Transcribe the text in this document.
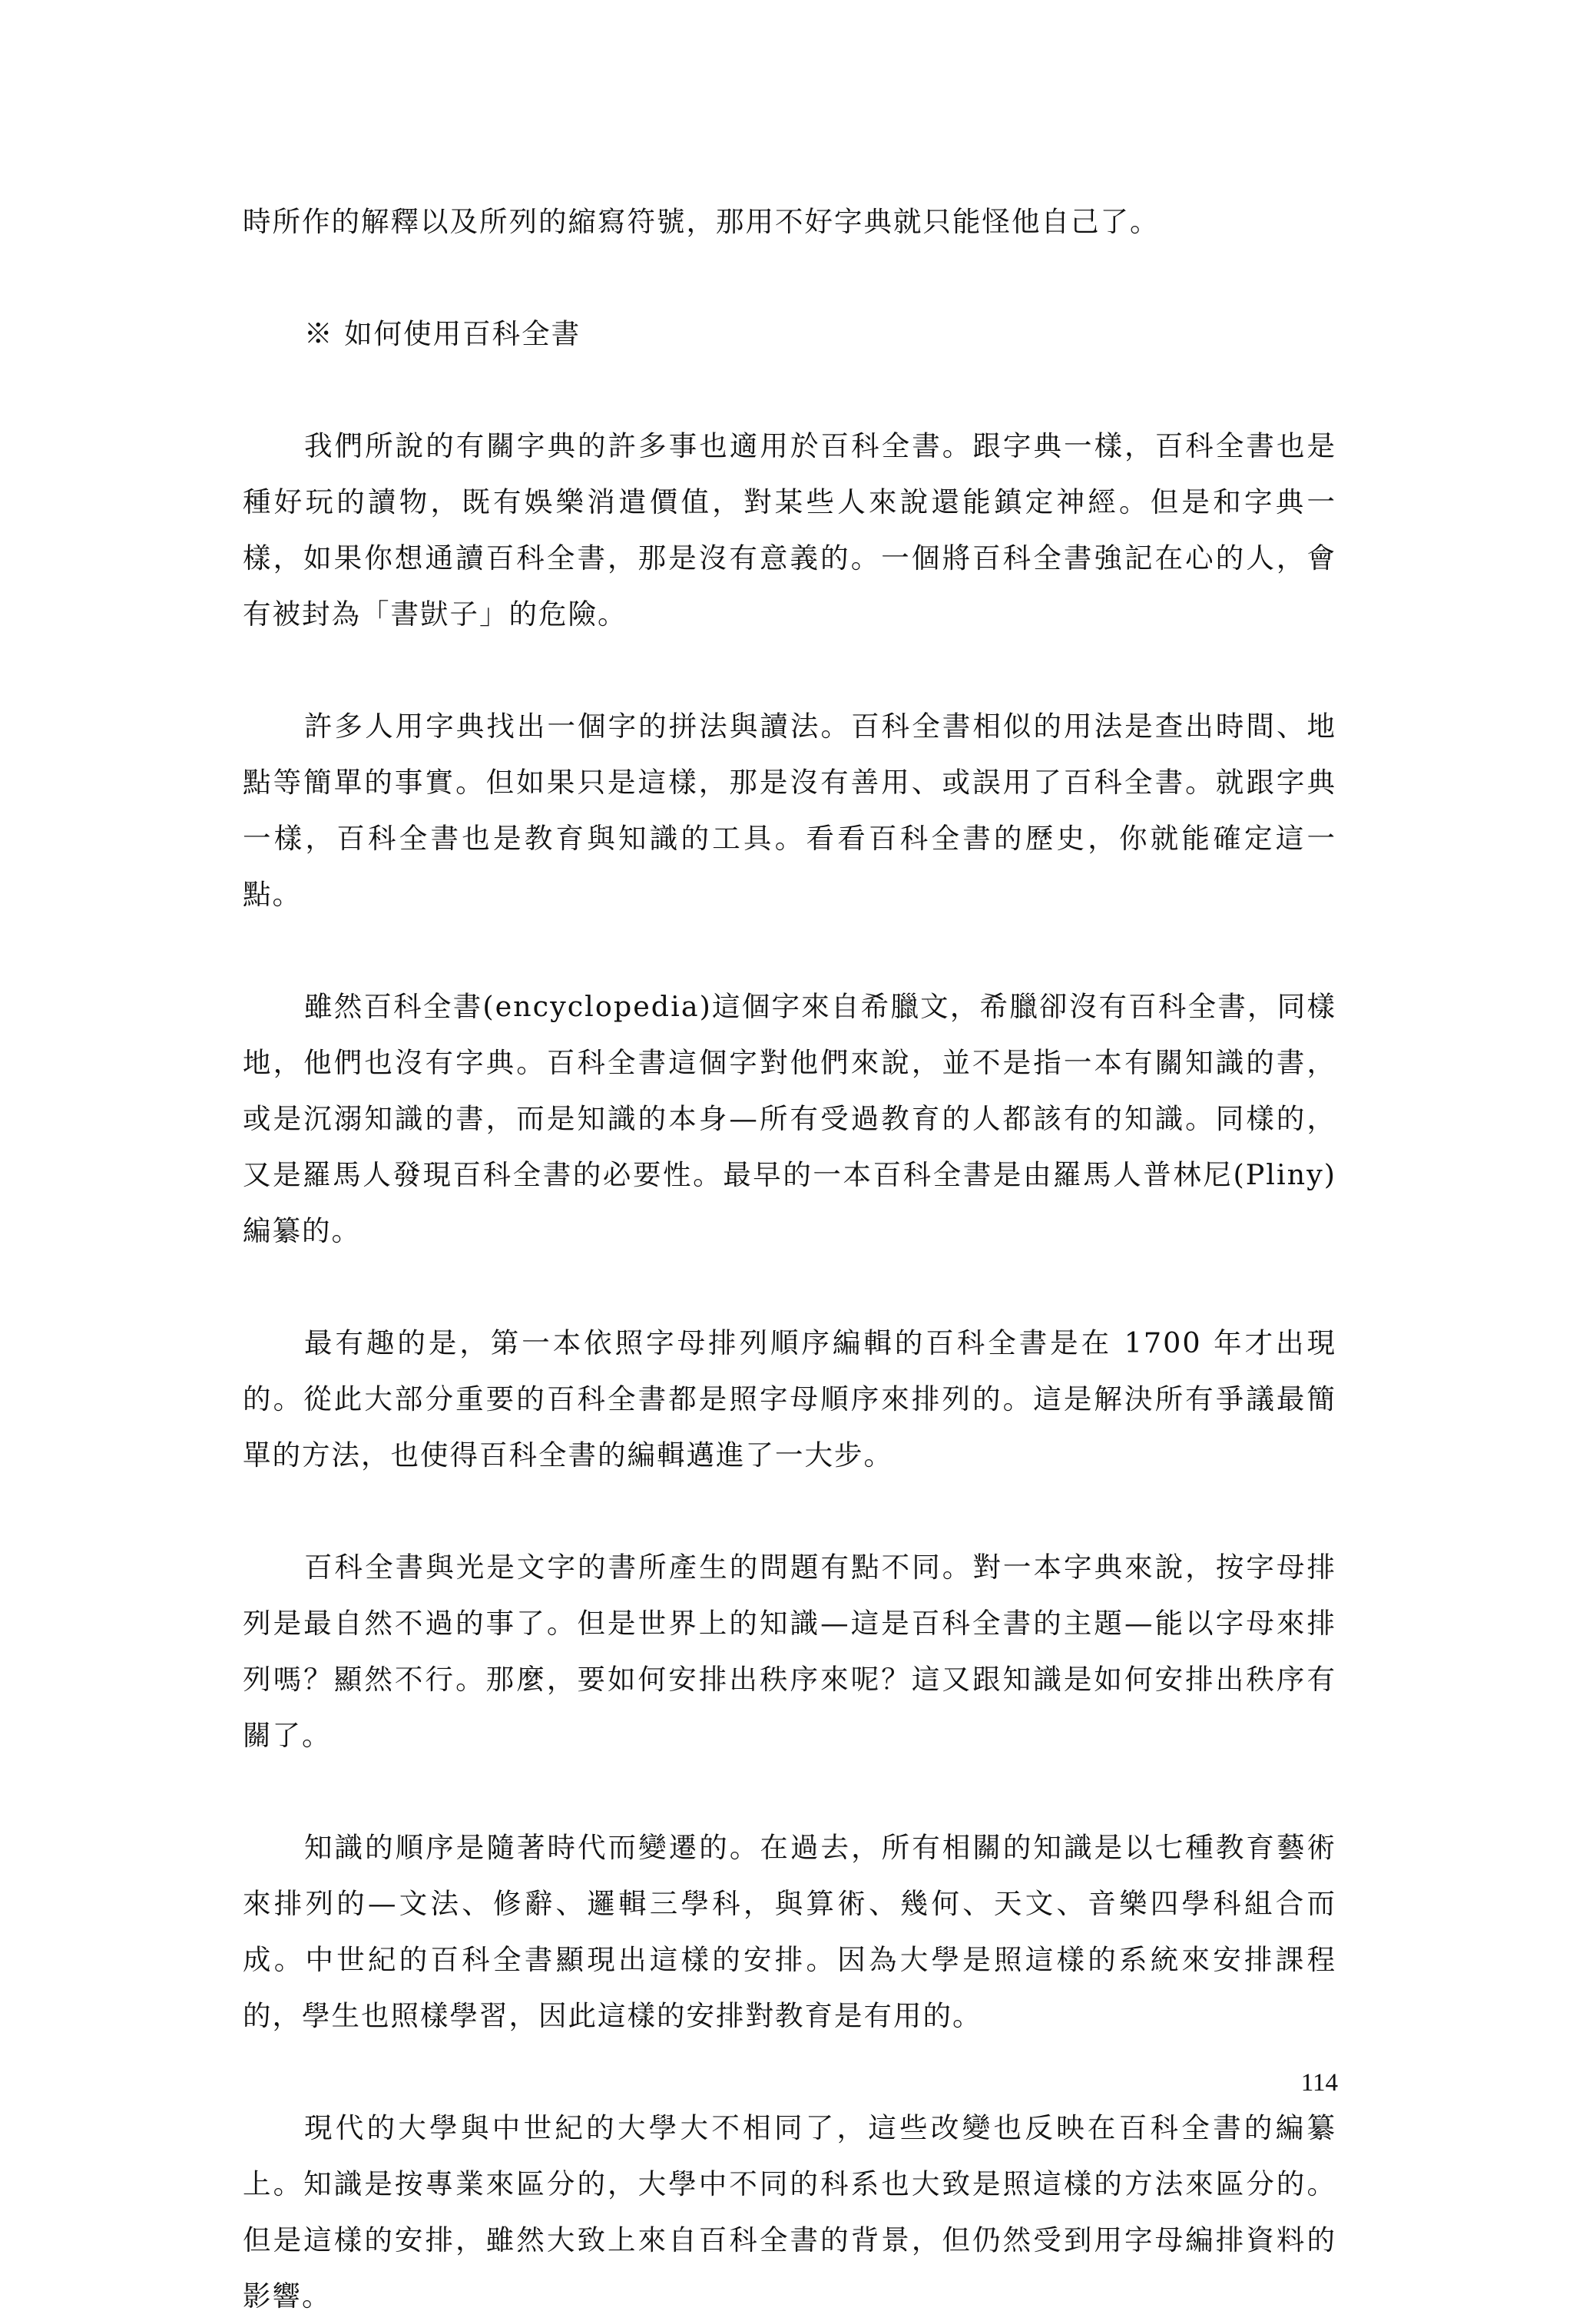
時所作的解釋以及所列的縮寫符號，那用不好字典就只能怪他自己了。

※ 如何使用百科全書

我們所說的有關字典的許多事也適用於百科全書。跟字典一樣，百科全書也是種好玩的讀物，既有娛樂消遣價值，對某些人來說還能鎮定神經。但是和字典一樣，如果你想通讀百科全書，那是沒有意義的。一個將百科全書強記在心的人，會有被封為「書獃子」的危險。

許多人用字典找出一個字的拼法與讀法。百科全書相似的用法是查出時間、地點等簡單的事實。但如果只是這樣，那是沒有善用、或誤用了百科全書。就跟字典一樣，百科全書也是教育與知識的工具。看看百科全書的歷史，你就能確定這一點。

雖然百科全書(encyclopedia)這個字來自希臘文，希臘卻沒有百科全書，同樣地，他們也沒有字典。百科全書這個字對他們來說，並不是指一本有關知識的書，或是沉溺知識的書，而是知識的本身—所有受過教育的人都該有的知識。同樣的，又是羅馬人發現百科全書的必要性。最早的一本百科全書是由羅馬人普林尼(Pliny)編纂的。

最有趣的是，第一本依照字母排列順序編輯的百科全書是在 1700 年才出現的。從此大部分重要的百科全書都是照字母順序來排列的。這是解決所有爭議最簡單的方法，也使得百科全書的編輯邁進了一大步。

百科全書與光是文字的書所產生的問題有點不同。對一本字典來說，按字母排列是最自然不過的事了。但是世界上的知識—這是百科全書的主題—能以字母來排列嗎？顯然不行。那麼，要如何安排出秩序來呢？這又跟知識是如何安排出秩序有關了。

知識的順序是隨著時代而變遷的。在過去，所有相關的知識是以七種教育藝術來排列的—文法、修辭、邏輯三學科，與算術、幾何、天文、音樂四學科組合而成。中世紀的百科全書顯現出這樣的安排。因為大學是照這樣的系統來安排課程的，學生也照樣學習，因此這樣的安排對教育是有用的。

現代的大學與中世紀的大學大不相同了，這些改變也反映在百科全書的編纂上。知識是按專業來區分的，大學中不同的科系也大致是照這樣的方法來區分的。但是這樣的安排，雖然大致上來自百科全書的背景，但仍然受到用字母編排資料的影響。

114
